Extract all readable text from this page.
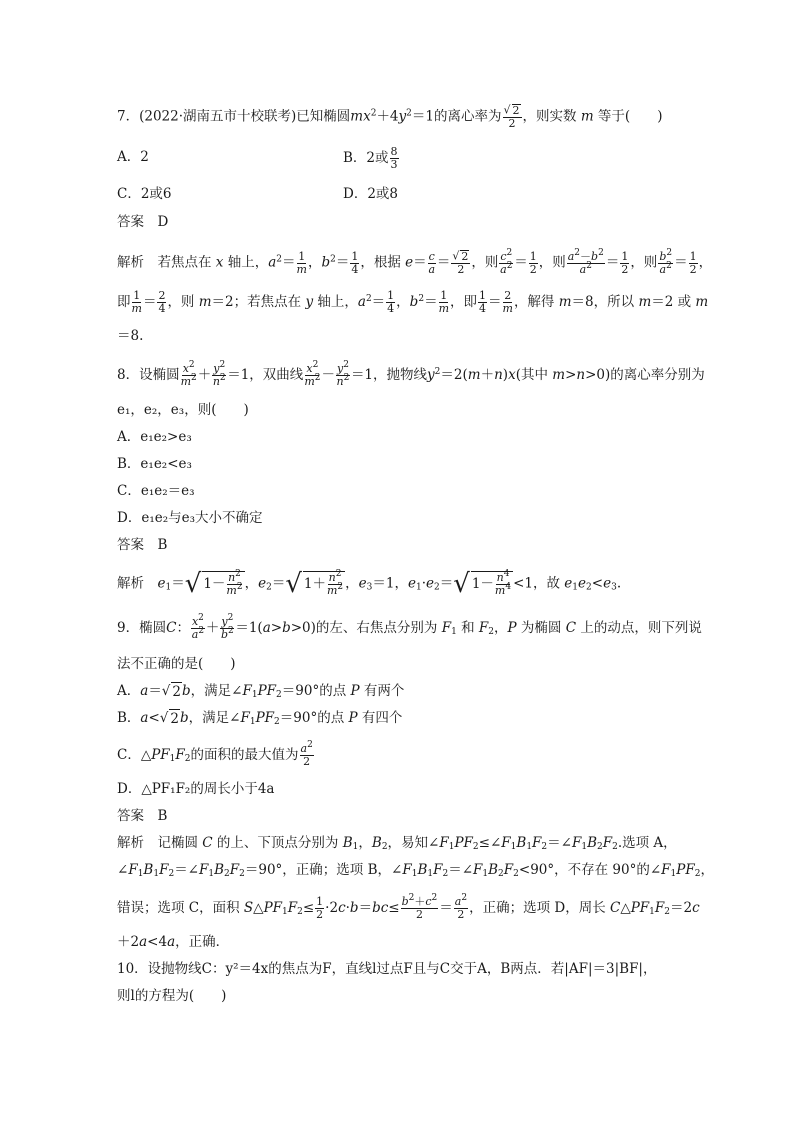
7．(2022·湖南五市十校联考)已知椭圆$mx^2+4y^2=1$的离心率为 $\frac{√ 2}{2}$ ，则实数 m 等于(　　)
A．2	B．2或 $\frac{8}{3}$
C．2或6	D．2或8
答案　D
解析　若焦点在 x 轴上，$a^2= \frac{1}{m}$ ，$b^2= \frac{1}{4}$ ，根据 $e= \frac{c}{a} = \frac{√ 2}{2}$ ，则 $\frac{c^2}{a^2} = \frac{1}{2}$ ，则 $\frac{a^2-b^2}{a^2} = \frac{1}{2}$ ，则 $\frac{b^2}{a^2} = \frac{1}{2}$ ，
即 $\frac{1}{m} = \frac{2}{4}$ ，则 m＝2；若焦点在 y 轴上，$a^2= \frac{1}{4}$ ，$b^2= \frac{1}{m}$ ，即 $\frac{1}{4} = \frac{2}{m}$ ，解得 m＝8，所以 m＝2 或 m
＝8.
8．设椭圆 $\frac{x^2}{m^2} + \frac{y^2}{n^2} =1$，双曲线 $\frac{x^2}{m^2} - \frac{y^2}{n^2} =1$，抛物线$y^2=2(m+n)x$(其中 m>n>0)的离心率分别为
e₁，e₂，e₃，则(　　)
A．e₁e₂>e₃
B．e₁e₂<e₃
C．e₁e₂＝e₃
D．e₁e₂与e₃大小不确定
答案　B
解析　 $e_1=√$ $1- \frac{n^2}{m^2}$ ，$e_2=√$ $1+ \frac{n^2}{m^2}$ ，$e_3=1$，$e_1\cdot e_2=√$ $1- \frac{n^4}{m^4} <1$，故 $e_1e_2<e_3$.
9．椭圆C： $\frac{x^2}{a^2} + \frac{y^2}{b^2} =1(a>b>0)$的左、右焦点分别为 $F_1$ 和 $F_2$，P 为椭圆 C 上的动点，则下列说
法不正确的是(　　)
A．a＝√ 2b，满足$\angle F_1PF_2=90^\circ$的点 P 有两个
B．a<√ 2b，满足$\angle F_1PF_2=90^\circ$的点 P 有四个
C．$\triangle PF_1F_2$的面积的最大值为 $\frac{a^2}{2}$
D．△PF₁F₂的周长小于4a
答案　B
解析　记椭圆 C 的上、下顶点分别为 $B_1$，$B_2$，易知$\angle F_1PF_2\le\angle F_1B_1F_2=\angle F_1B_2F_2$.选项 A，
$\angle F_1B_1F_2=\angle F_1B_2F_2=90^\circ$，正确；选项 B，$\angle F_1B_1F_2=\angle F_1B_2F_2<90^\circ$，不存在 90°的$\angle F_1PF_2$，
错误；选项 C，面积 $S\triangle PF_1F_2\le \frac{1}{2} \cdot 2c\cdot b=bc\le \frac{b^2+c^2}{2} = \frac{a^2}{2}$ ，正确；选项 D，周长 $C\triangle PF_1F_2=2c$
＋2a<4a，正确．
10．设抛物线C：y²＝4x的焦点为F，直线l过点F且与C交于A，B两点．若|AF|＝3|BF|，
则l的方程为(　　)
